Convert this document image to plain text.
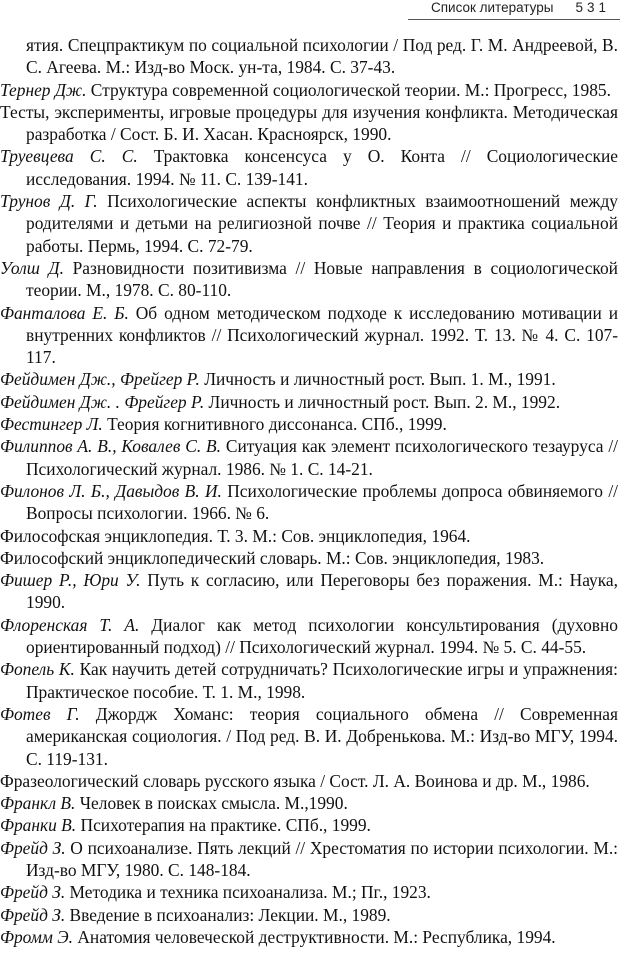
Список литературы 531

ятия. Спецпрактикум по социальной психологии / Под ред. Г. М. Андреевой, В. С. Агеева. М.: Изд-во Моск. ун-та, 1984. С. 37-43.

Тернер Дж. Структура современной социологической теории. М.: Прогресс, 1985.

Тесты, эксперименты, игровые процедуры для изучения конфликта. Методическая разработка / Сост. Б. И. Хасан. Красноярск, 1990.

Труевцева С. С. Трактовка консенсуса у О. Конта // Социологические исследования. 1994. № 11. С. 139-141.

Трунов Д. Г. Психологические аспекты конфликтных взаимоотношений между родителями и детьми на религиозной почве // Теория и практика социальной работы. Пермь, 1994. С. 72-79.

Уолш Д. Разновидности позитивизма // Новые направления в социологической теории. М., 1978. С. 80-110.

Фанталова Е. Б. Об одном методическом подходе к исследованию мотивации и внутренних конфликтов // Психологический журнал. 1992. Т. 13. № 4. С. 107-117.

Фейдимен Дж., Фрейгер Р. Личность и личностный рост. Вып. 1. М., 1991.

Фейдимен Дж. . Фрейгер Р. Личность и личностный рост. Вып. 2. М., 1992.

Фестингер Л. Теория когнитивного диссонанса. СПб., 1999.

Филиппов А. В., Ковалев С. В. Ситуация как элемент психологического тезауруса // Психологический журнал. 1986. № 1. С. 14-21.

Филонов Л. Б., Давыдов В. И. Психологические проблемы допроса обвиняемого // Вопросы психологии. 1966. № 6.

Философская энциклопедия. Т. 3. М.: Сов. энциклопедия, 1964.

Философский энциклопедический словарь. М.: Сов. энциклопедия, 1983.

Фишер Р., Юри У. Путь к согласию, или Переговоры без поражения. М.: Наука, 1990.

Флоренская Т. А. Диалог как метод психологии консультирования (духовно ориентированный подход) // Психологический журнал. 1994. № 5. С. 44-55.

Фопель К. Как научить детей сотрудничать? Психологические игры и упражнения: Практическое пособие. Т. 1. М., 1998.

Фотев Г. Джордж Хоманс: теория социального обмена // Современная американская социология. / Под ред. В. И. Добренькова. М.: Изд-во МГУ, 1994. С. 119-131.

Фразеологический словарь русского языка / Сост. Л. А. Воинова и др. М., 1986.

Франкл В. Человек в поисках смысла. М.,1990.

Франки В. Психотерапия на практике. СПб., 1999.

Фрейд З. О психоанализе. Пять лекций // Хрестоматия по истории психологии. М.: Изд-во МГУ, 1980. С. 148-184.

Фрейд З. Методика и техника психоанализа. М.; Пг., 1923.

Фрейд З. Введение в психоанализ: Лекции. М., 1989.

Фромм Э. Анатомия человеческой деструктивности. М.: Республика, 1994.
